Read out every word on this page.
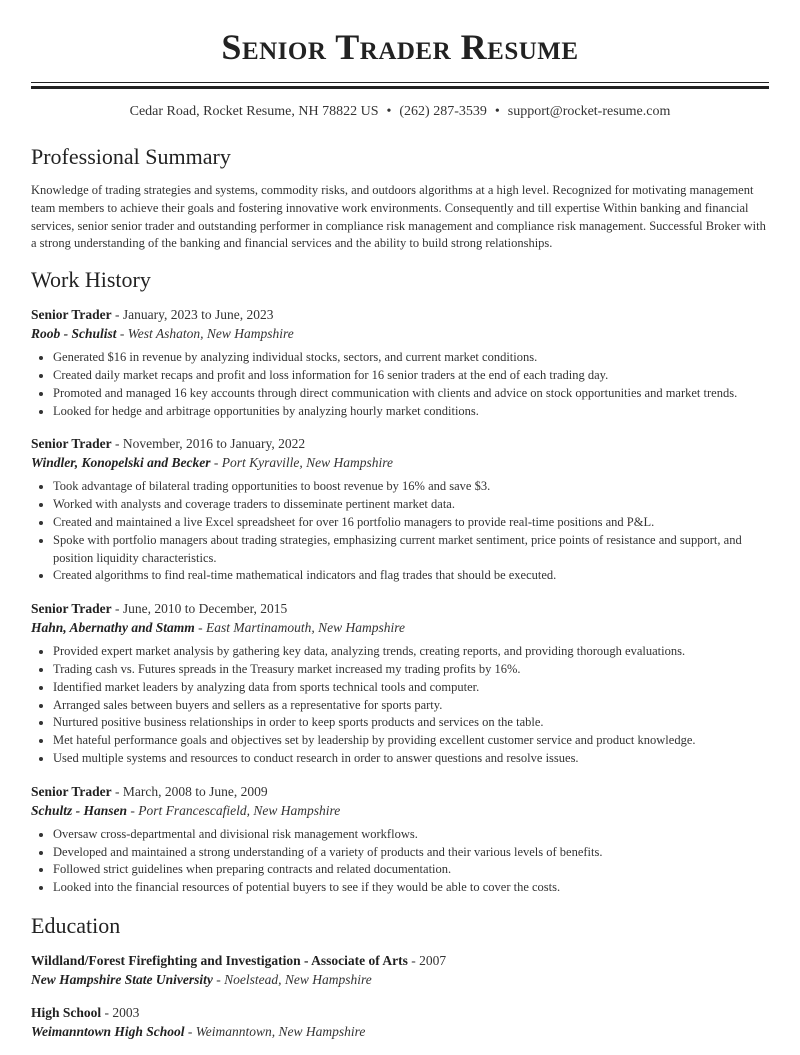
Senior Trader Resume
Cedar Road, Rocket Resume, NH 78822 US • (262) 287-3539 • support@rocket-resume.com
Professional Summary

Knowledge of trading strategies and systems, commodity risks, and outdoors algorithms at a high level. Recognized for motivating management team members to achieve their goals and fostering innovative work environments. Consequently and till expertise Within banking and financial services, senior senior trader and outstanding performer in compliance risk management and compliance risk management. Successful Broker with a strong understanding of the banking and financial services and the ability to build strong relationships.

Work History
Senior Trader - January, 2023 to June, 2023
Roob - Schulist - West Ashaton, New Hampshire
• Generated $16 in revenue by analyzing individual stocks, sectors, and current market conditions.
• Created daily market recaps and profit and loss information for 16 senior traders at the end of each trading day.
• Promoted and managed 16 key accounts through direct communication with clients and advice on stock opportunities and market trends.
• Looked for hedge and arbitrage opportunities by analyzing hourly market conditions.
Senior Trader - November, 2016 to January, 2022
Windler, Konopelski and Becker - Port Kyraville, New Hampshire
• Took advantage of bilateral trading opportunities to boost revenue by 16% and save $3.
• Worked with analysts and coverage traders to disseminate pertinent market data.
• Created and maintained a live Excel spreadsheet for over 16 portfolio managers to provide real-time positions and P&L.
• Spoke with portfolio managers about trading strategies, emphasizing current market sentiment, price points of resistance and support, and position liquidity characteristics.
• Created algorithms to find real-time mathematical indicators and flag trades that should be executed.
Senior Trader - June, 2010 to December, 2015
Hahn, Abernathy and Stamm - East Martinamouth, New Hampshire
• Provided expert market analysis by gathering key data, analyzing trends, creating reports, and providing thorough evaluations.
• Trading cash vs. Futures spreads in the Treasury market increased my trading profits by 16%.
• Identified market leaders by analyzing data from sports technical tools and computer.
• Arranged sales between buyers and sellers as a representative for sports party.
• Nurtured positive business relationships in order to keep sports products and services on the table.
• Met hateful performance goals and objectives set by leadership by providing excellent customer service and product knowledge.
• Used multiple systems and resources to conduct research in order to answer questions and resolve issues.
Senior Trader - March, 2008 to June, 2009
Schultz - Hansen - Port Francescafield, New Hampshire
• Oversaw cross-departmental and divisional risk management workflows.
• Developed and maintained a strong understanding of a variety of products and their various levels of benefits.
• Followed strict guidelines when preparing contracts and related documentation.
• Looked into the financial resources of potential buyers to see if they would be able to cover the costs.
Education
Wildland/Forest Firefighting and Investigation - Associate of Arts - 2007
New Hampshire State University - Noelstead, New Hampshire
High School - 2003
Weimanntown High School - Weimanntown, New Hampshire
